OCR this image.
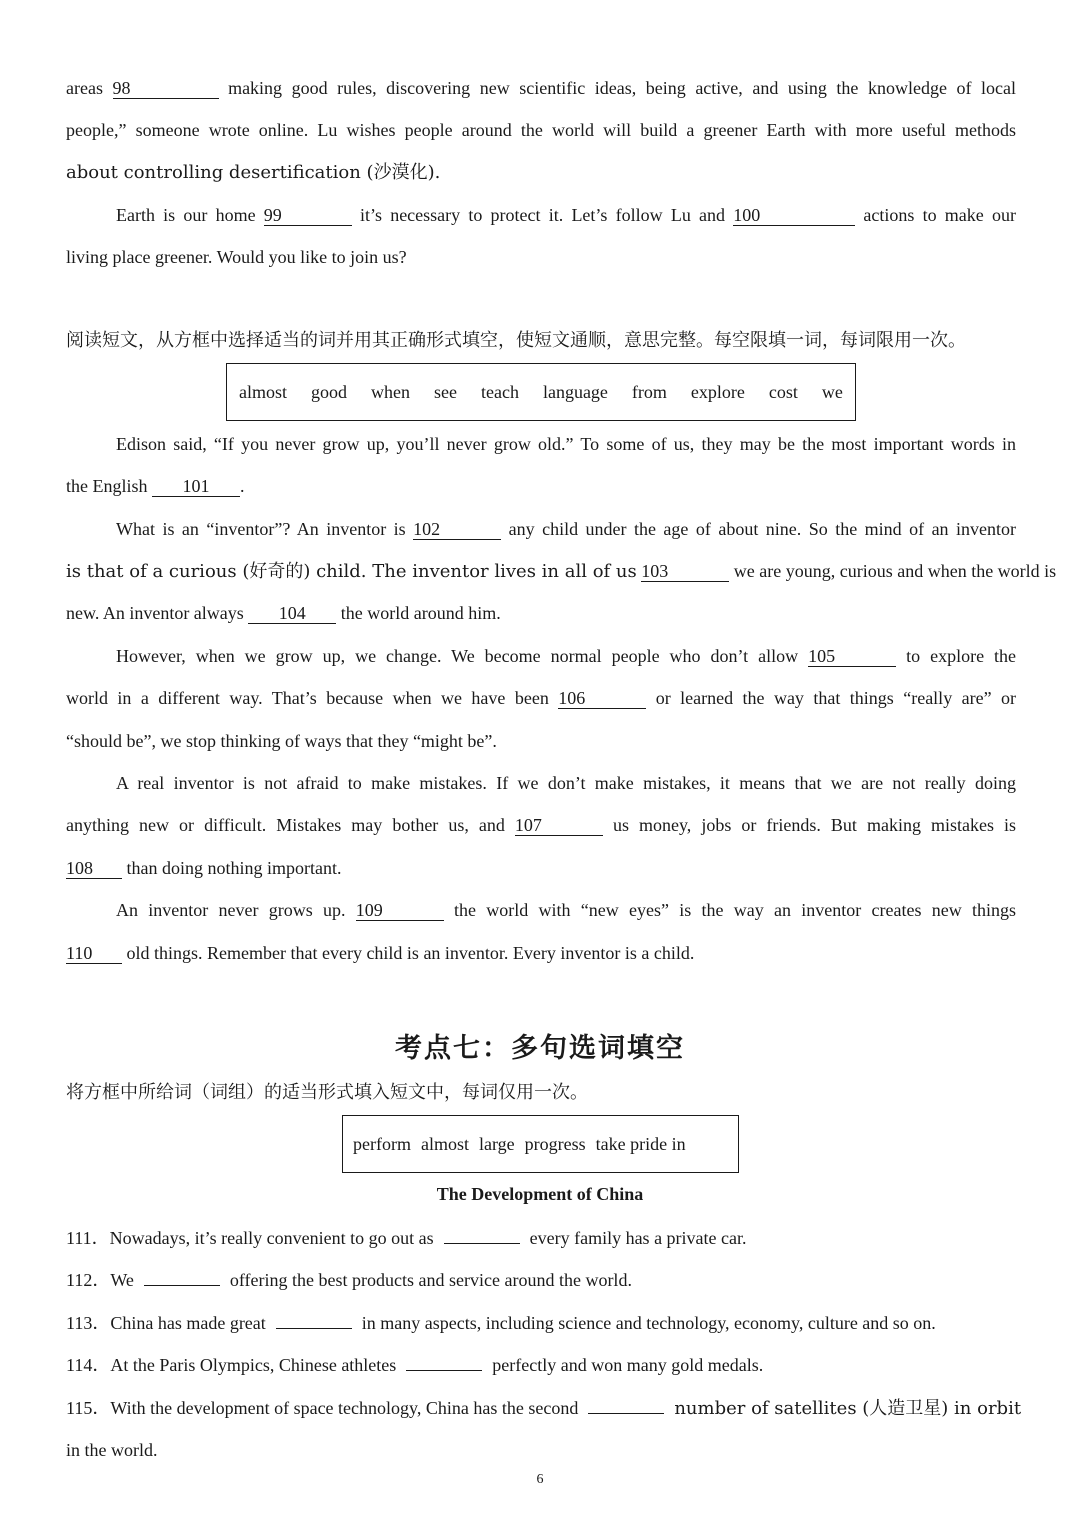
areas 98	making good rules, discovering new scientific ideas, being active, and using the knowledge of local
people,” someone wrote online. Lu wishes people around the world will build a greener Earth with more useful methods
about controlling desertification (沙漠化).
Earth is our home 99	it’s necessary to protect it. Let’s follow Lu and 100	actions to make our
living place greener. Would you like to join us?
阅读短文，从方框中选择适当的词并用其正确形式填空，使短文通顺，意思完整。每空限填一词，每词限用一次。
almost good when see teach language from explore cost we
Edison said, “If you never grow up, you’ll never grow old.” To some of us, they may be the most important words in
the English 101 .
What is an “inventor”? An inventor is 102	any child under the age of about nine. So the mind of an inventor
is that of a curious (好奇的) child. The inventor lives in all of us 103	we are young, curious and when the world is
new. An inventor always 104 the world around him.
However, when we grow up, we change. We become normal people who don’t allow 105	to explore the
world in a different way. That’s because when we have been 106	or learned the way that things “really are” or
“should be”, we stop thinking of ways that they “might be”.
A real inventor is not afraid to make mistakes. If we don’t make mistakes, it means that we are not really doing
anything new or difficult. Mistakes may bother us, and 107	us money, jobs or friends. But making mistakes is
108 than doing nothing important.
An inventor never grows up. 109	the world with “new eyes” is the way an inventor creates new things
110 old things. Remember that every child is an inventor. Every inventor is a child.
考点七：多句选词填空
将方框中所给词（词组）的适当形式填入短文中，每词仅用一次。
perform almost large progress take pride in
The Development of China
111．Nowadays, it’s really convenient to go out as	every family has a private car.
112．We	offering the best products and service around the world.
113．China has made great	in many aspects, including science and technology, economy, culture and so on.
114．At the Paris Olympics, Chinese athletes	perfectly and won many gold medals.
115．With the development of space technology, China has the second	number of satellites (人造卫星) in orbit
in the world.
6
